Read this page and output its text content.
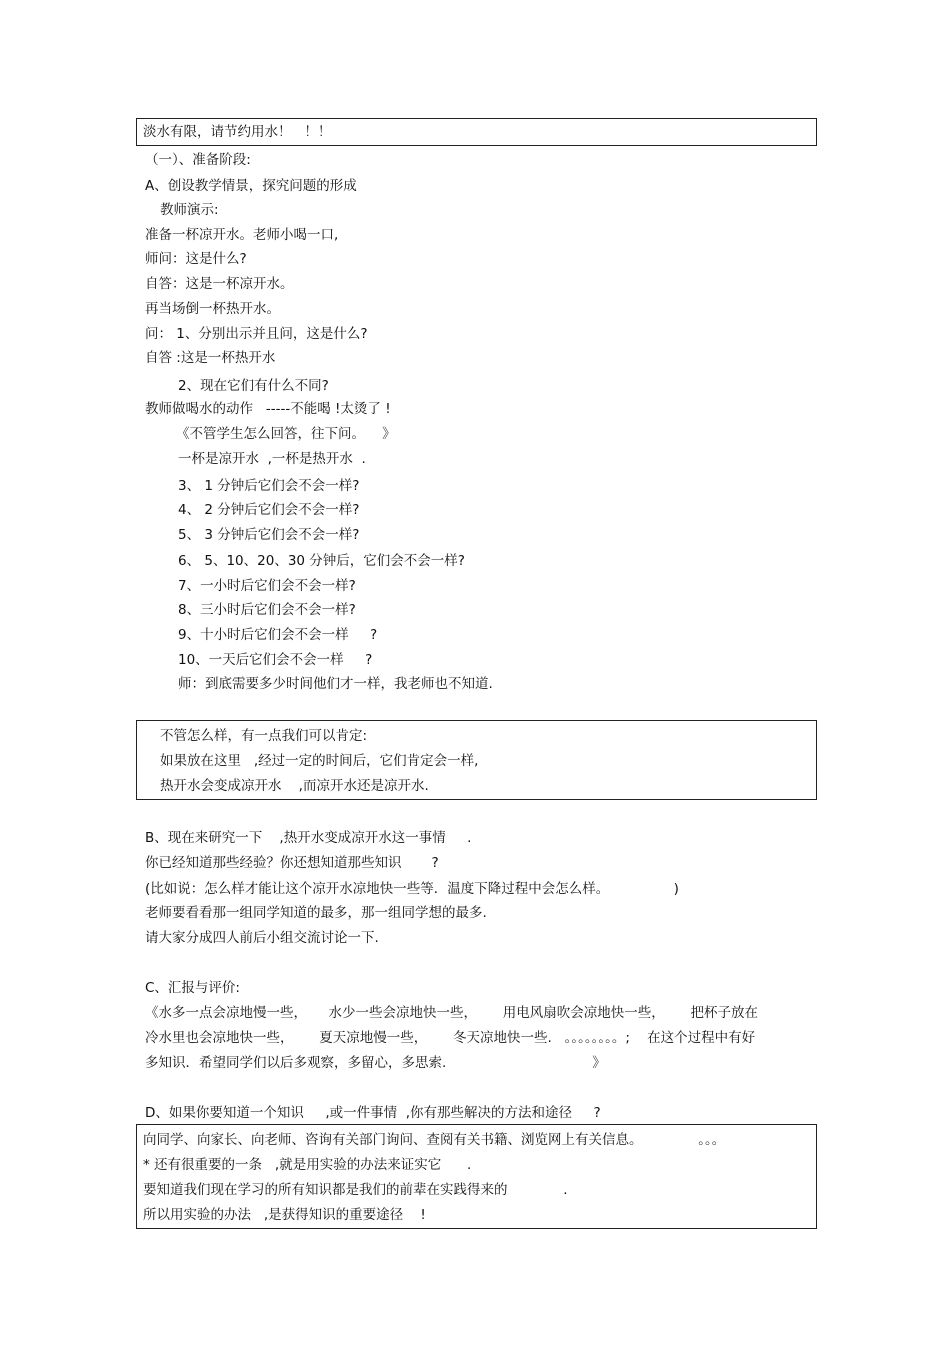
淡水有限，请节约用水！   ！！
（一）、准备阶段:
A、创设教学情景，探究问题的形成
教师演示:
准备一杯凉开水。老师小喝一口,
师问：这是什么?
自答：这是一杯凉开水。
再当场倒一杯热开水。
问： 1、分别出示并且问，这是什么?
自答 :这是一杯热开水
2、现在它们有什么不同?
教师做喝水的动作   -----不能喝 !太烫了 !
《不管学生怎么回答，往下问。    》
一杯是凉开水  ,一杯是热开水  .
3、 1 分钟后它们会不会一样?
4、 2 分钟后它们会不会一样?
5、 3 分钟后它们会不会一样?
6、 5、10、20、30 分钟后，它们会不会一样?
7、一小时后它们会不会一样?
8、三小时后它们会不会一样?
9、十小时后它们会不会一样     ?
10、一天后它们会不会一样     ?
师：到底需要多少时间他们才一样，我老师也不知道.
不管怎么样，有一点我们可以肯定:
如果放在这里   ,经过一定的时间后，它们肯定会一样,
热开水会变成凉开水    ,而凉开水还是凉开水.
B、现在来研究一下    ,热开水变成凉开水这一事情     .
你已经知道那些经验？你还想知道那些知识       ?
(比如说：怎么样才能让这个凉开水凉地快一些等．温度下降过程中会怎么样。               )
老师要看看那一组同学知道的最多，那一组同学想的最多.
请大家分成四人前后小组交流讨论一下.
C、汇报与评价:
《水多一点会凉地慢一些，     水少一些会凉地快一些，      用电风扇吹会凉地快一些，      把杯子放在
冷水里也会凉地快一些，      夏天凉地慢一些，      冬天凉地快一些.   。。。。。。。。;    在这个过程中有好
多知识．希望同学们以后多观察，多留心，多思索.                                  》
D、如果你要知道一个知识     ,或一件事情  ,你有那些解决的方法和途径     ?
向同学、向家长、向老师、咨询有关部门询问、查阅有关书籍、浏览网上有关信息。             。。。
* 还有很重要的一条   ,就是用实验的办法来证实它      .
要知道我们现在学习的所有知识都是我们的前辈在实践得来的             .
所以用实验的办法   ,是获得知识的重要途径    !
